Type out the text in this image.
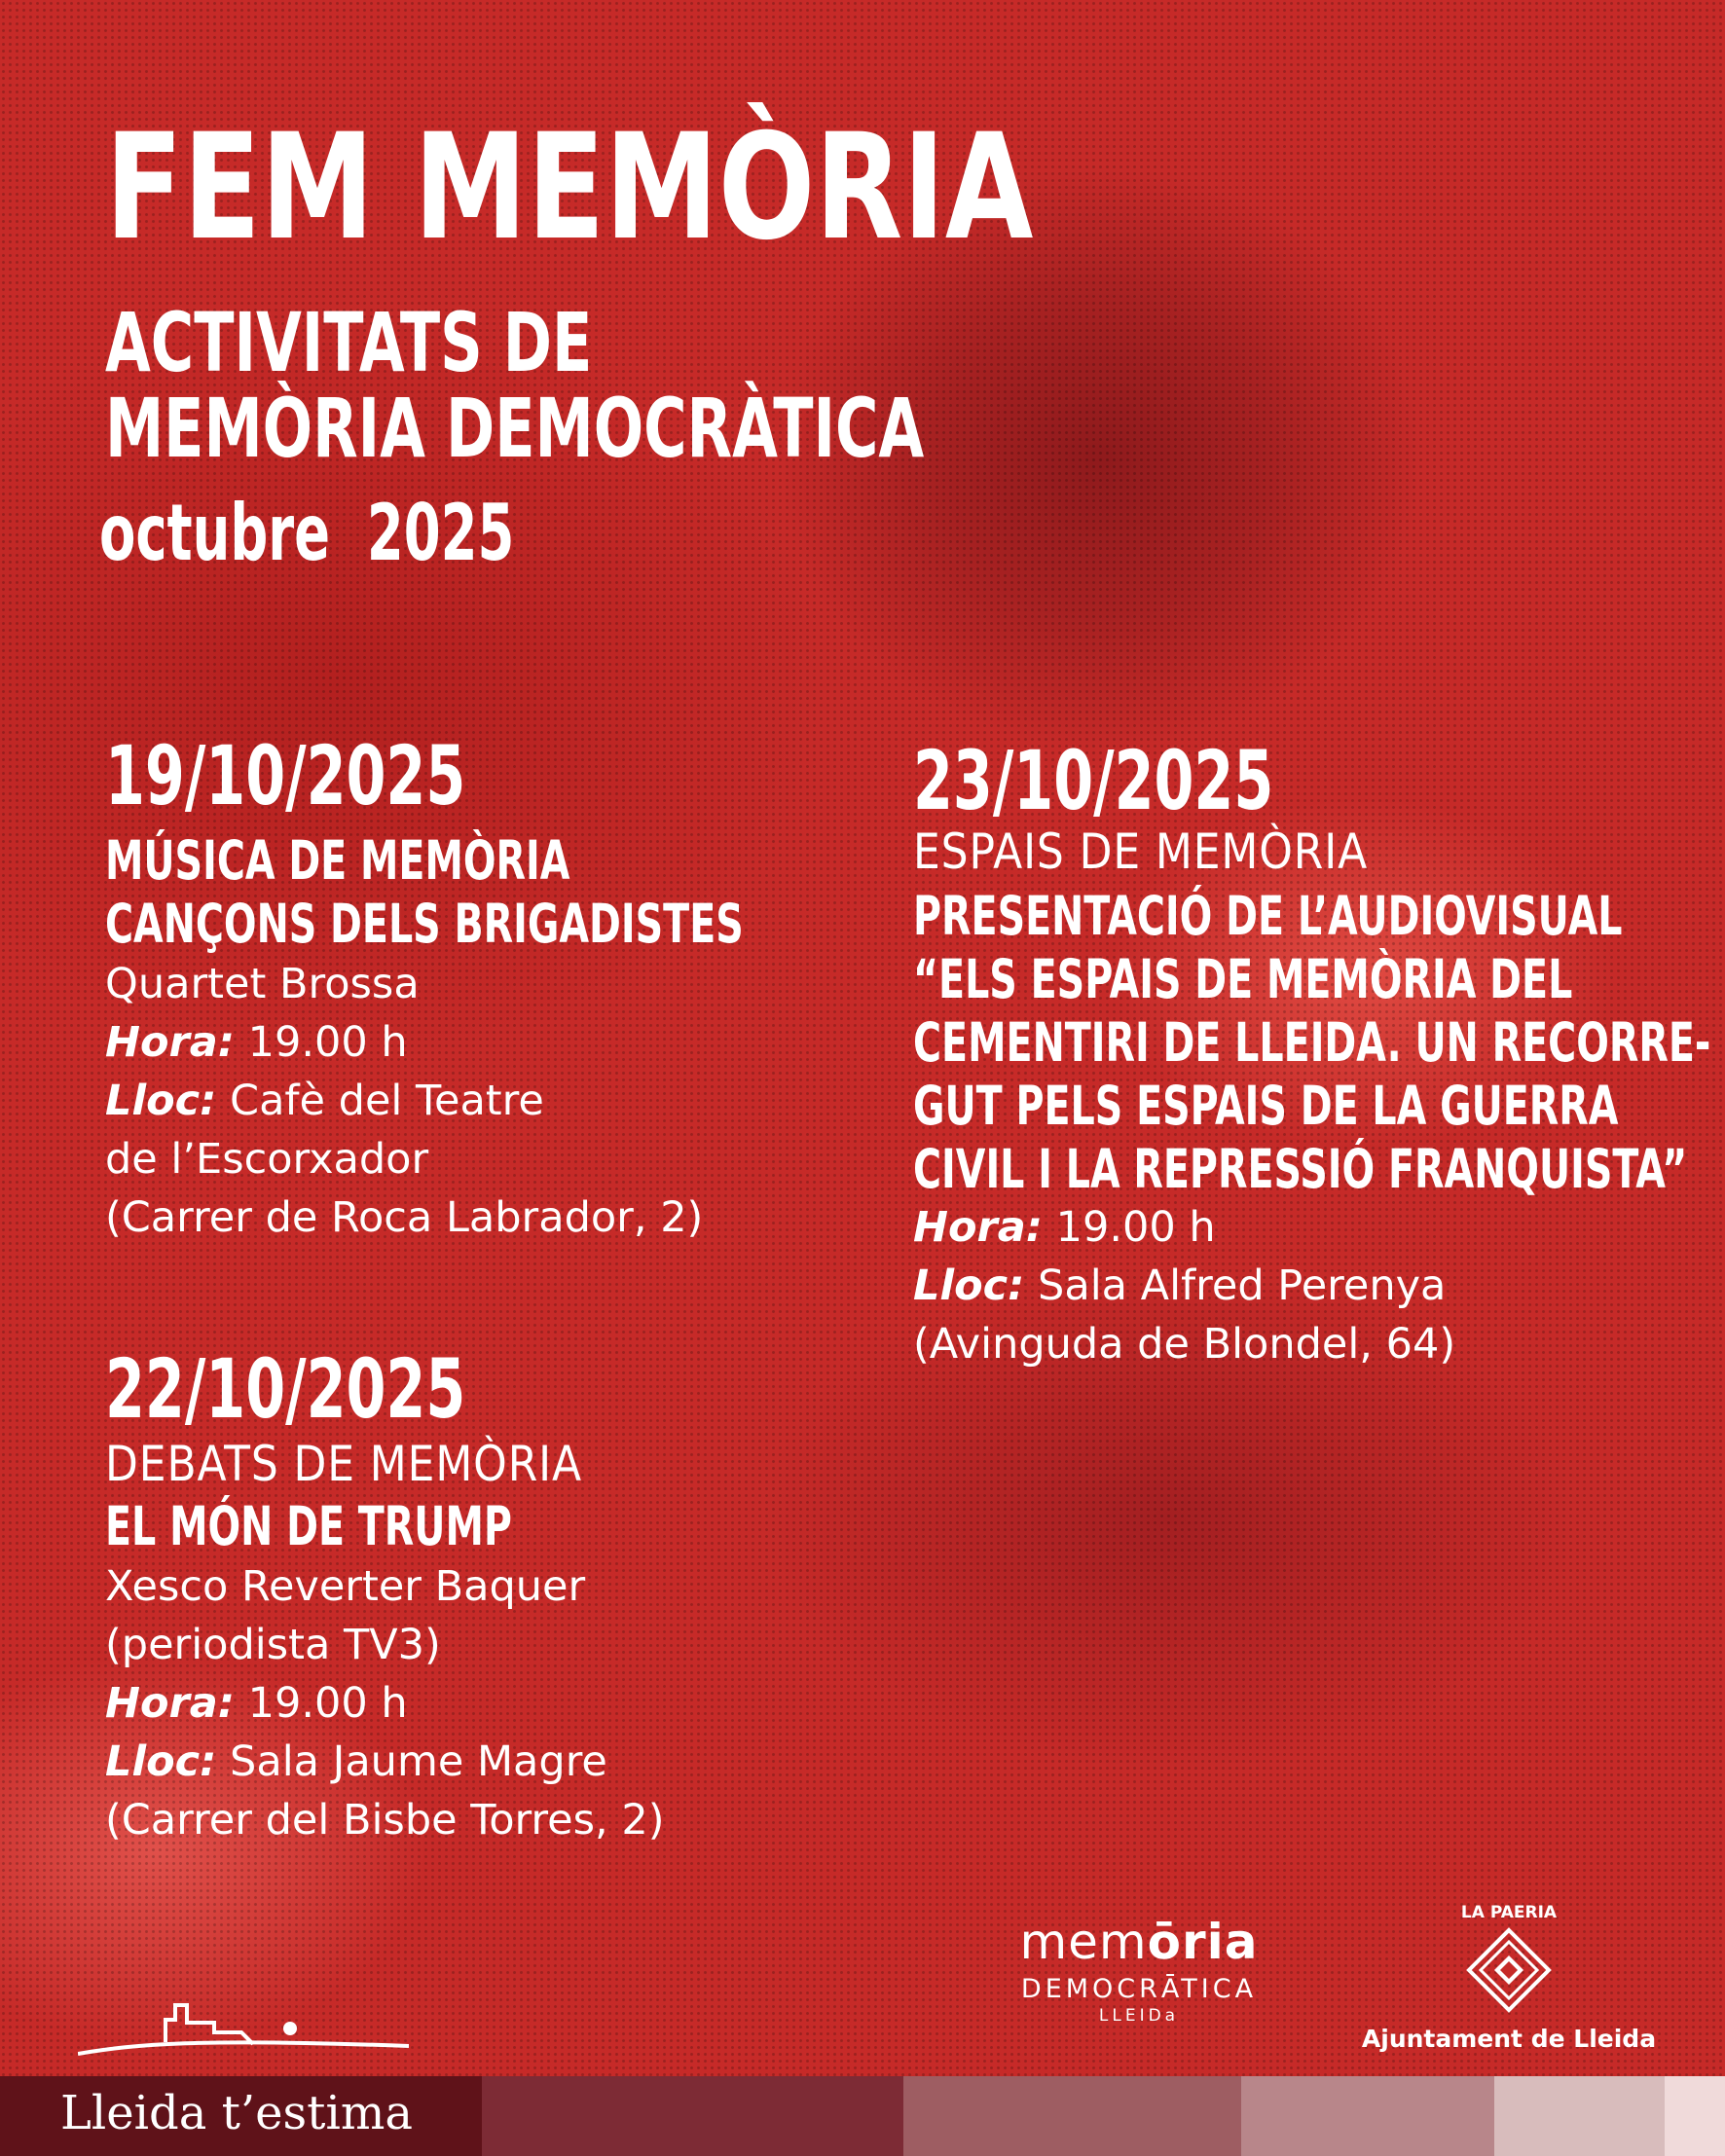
FEM MEMÒRIA
ACTIVITATS DE
MEMÒRIA DEMOCRÀTICA
octubre  2025
19/10/2025
MÚSICA DE MEMÒRIA
CANÇONS DELS BRIGADISTES
Quartet Brossa
Hora: 19.00 h
Lloc: Cafè del Teatre
de l’Escorxador
(Carrer de Roca Labrador, 2)
22/10/2025
DEBATS DE MEMÒRIA
EL MÓN DE TRUMP
Xesco Reverter Baquer
(periodista TV3)
Hora: 19.00 h
Lloc: Sala Jaume Magre
(Carrer del Bisbe Torres, 2)
23/10/2025
ESPAIS DE MEMÒRIA
PRESENTACIÓ DE L’AUDIOVISUAL
“ELS ESPAIS DE MEMÒRIA DEL
CEMENTIRI DE LLEIDA. UN RECORRE-
GUT PELS ESPAIS DE LA GUERRA
CIVIL I LA REPRESSIÓ FRANQUISTA”
Hora: 19.00 h
Lloc: Sala Alfred Perenya
(Avinguda de Blondel, 64)
Lleida t’estima
memōria
DEMOCRĀTICA
LLEIDa
LA PAERIA
Ajuntament de Lleida
